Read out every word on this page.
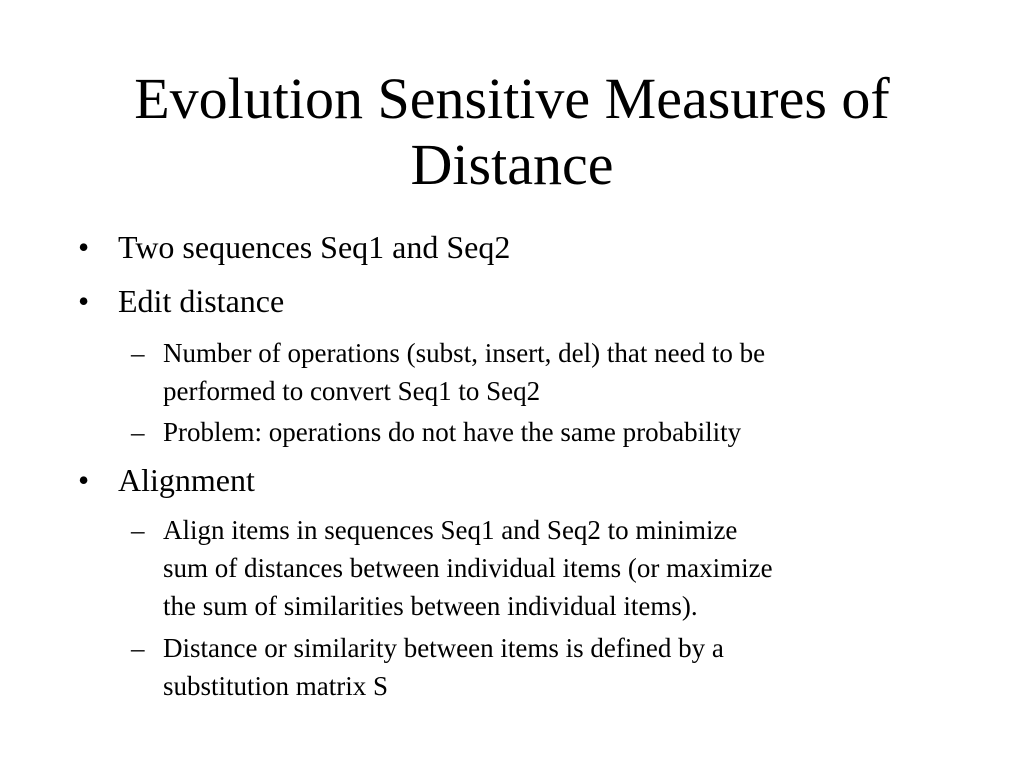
Evolution Sensitive Measures of
Distance
• Two sequences Seq1 and Seq2
• Edit distance
– Number of operations (subst, insert, del) that need to be
performed to convert Seq1 to Seq2
– Problem: operations do not have the same probability
• Alignment
– Align items in sequences Seq1 and Seq2 to minimize
sum of distances between individual items (or maximize
the sum of similarities between individual items).
– Distance or similarity between items is defined by a
substitution matrix S
